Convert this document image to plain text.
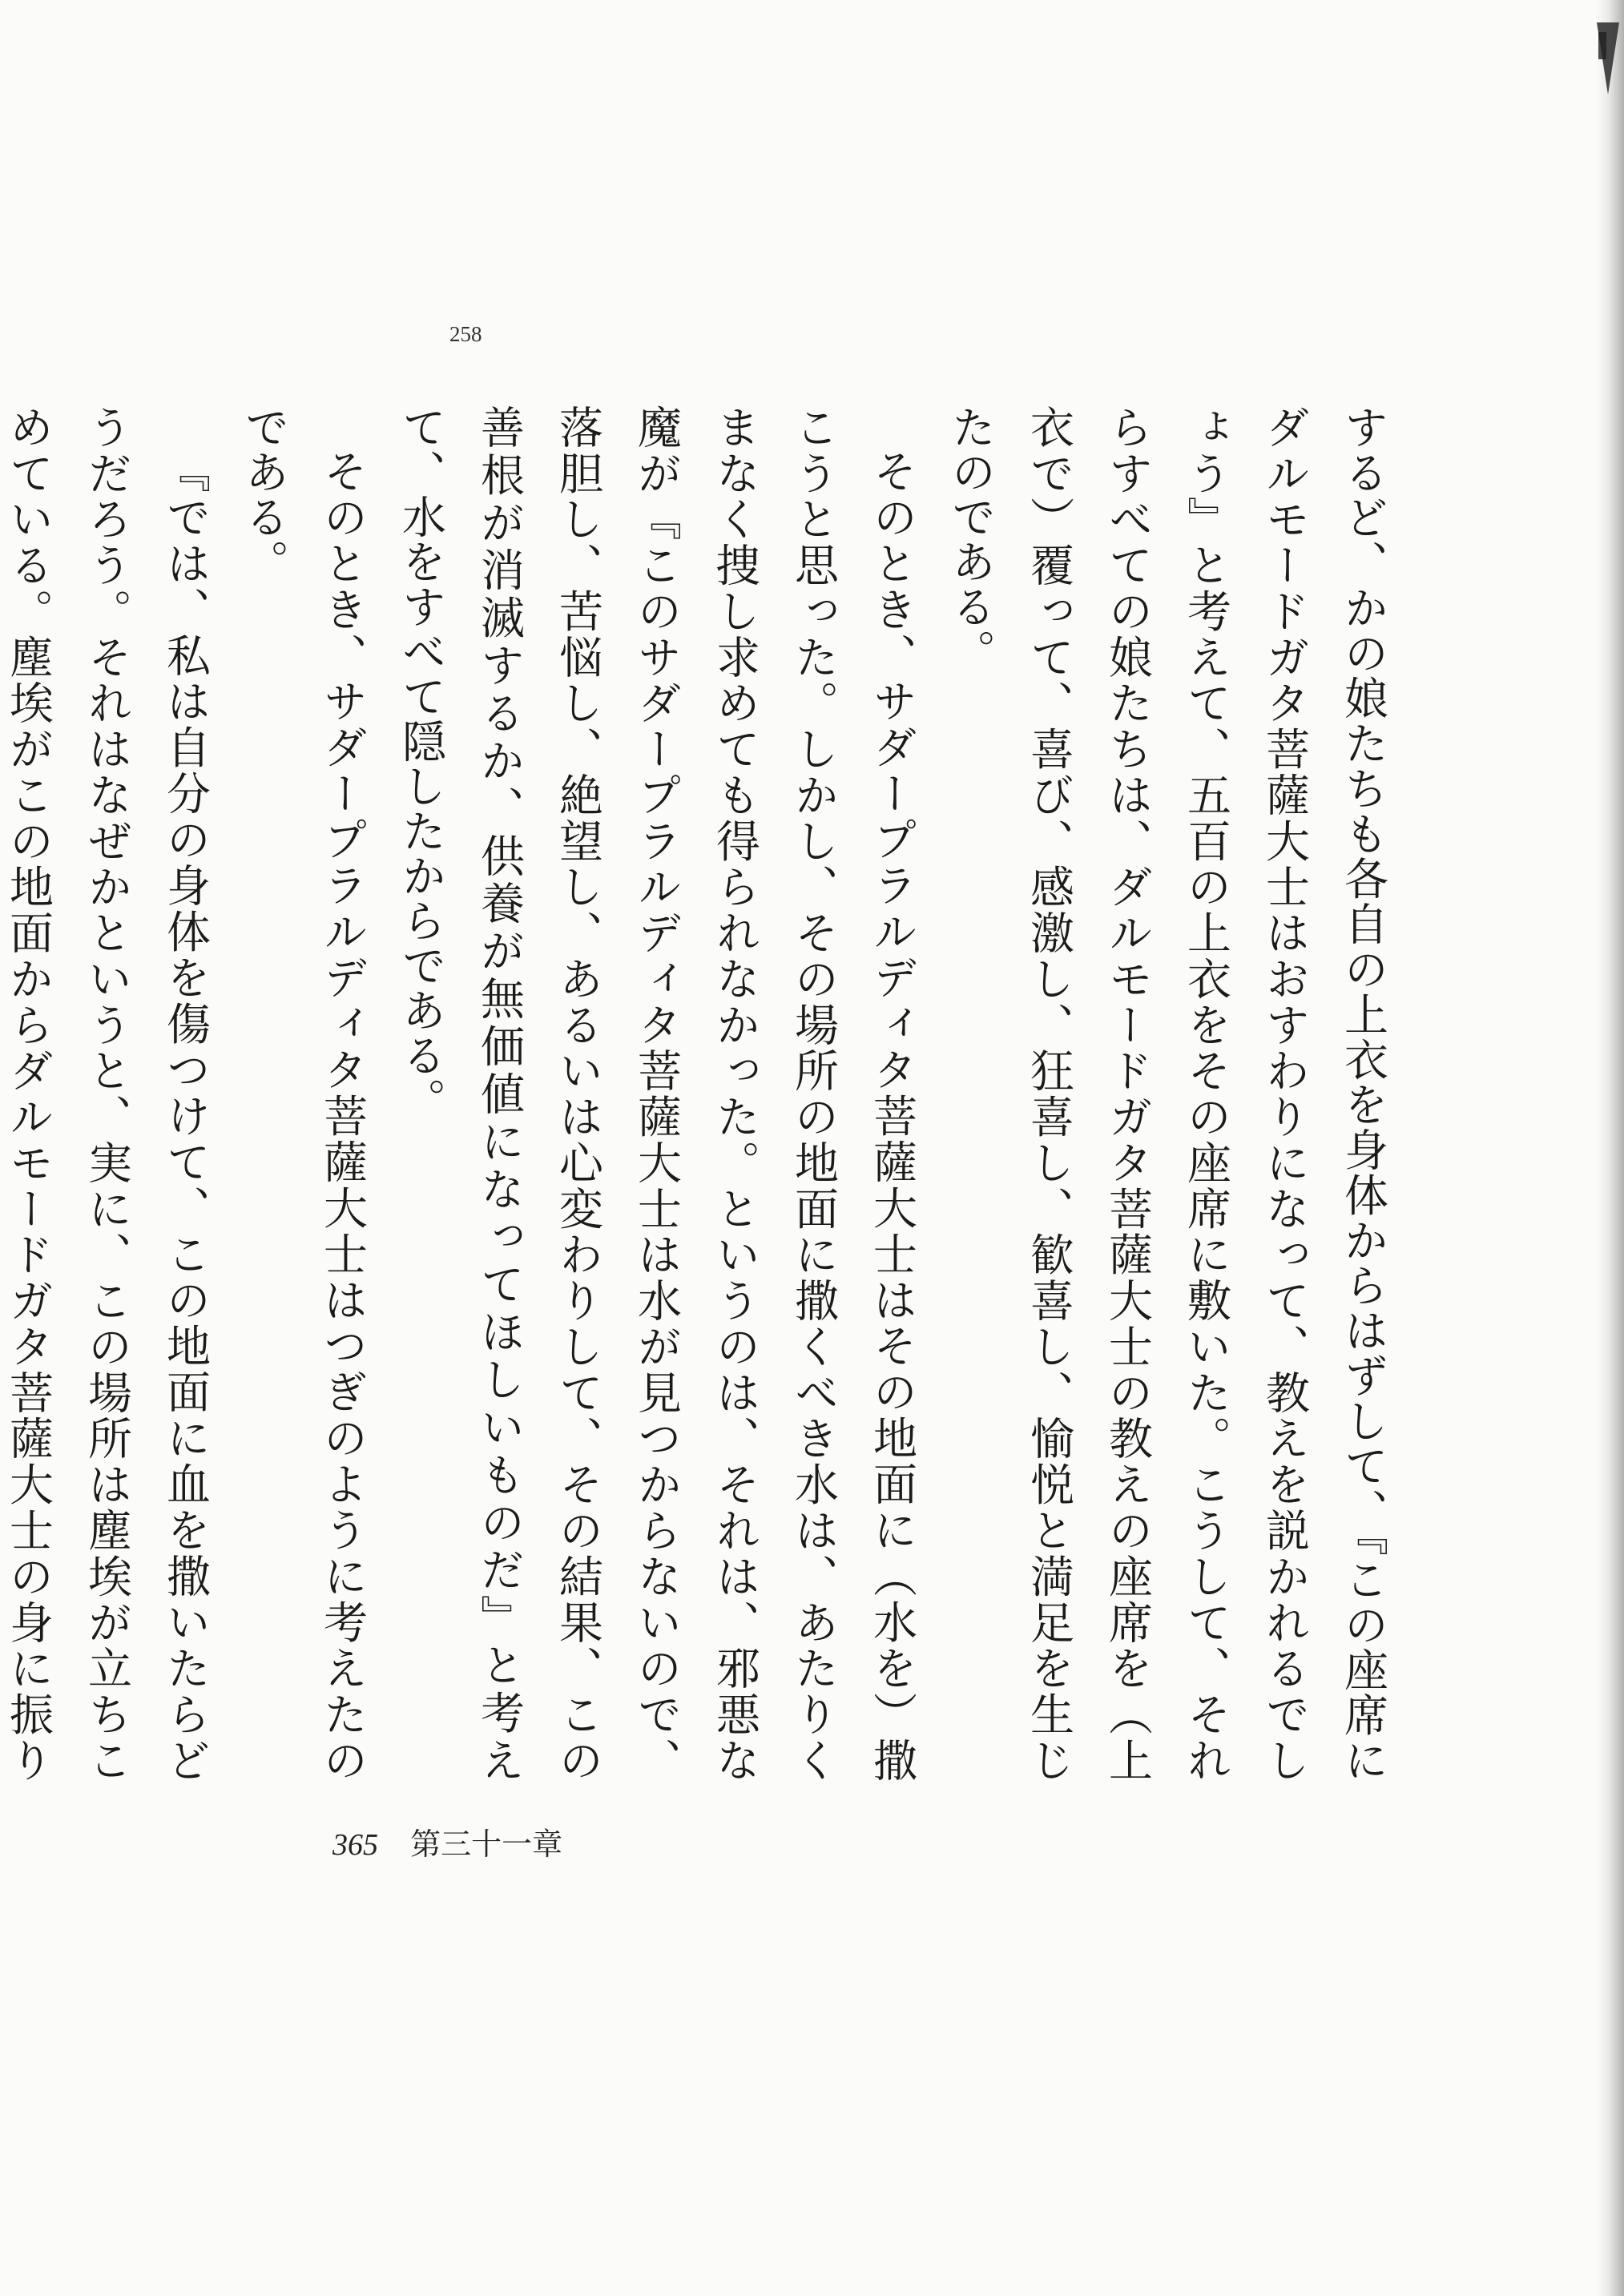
258

するど、かの娘たちも各自の上衣を身体からはずして、『この座席にダルモードガタ菩薩大士はおすわりになって、教えを説かれるでしょう』と考えて、五百の上衣をその座席に敷いた。こうして、それらすべての娘たちは、ダルモードガタ菩薩大士の教えの座席を（上衣で）覆って、喜び、感激し、狂喜し、歓喜し、愉悦と満足を生じたのである。

そのとき、サダープラルディタ菩薩大士はその地面に（水を）撒こうと思った。しかし、その場所の地面に撒くべき水は、あたりくまなく捜し求めても得られなかった。というのは、それは、邪悪な魔が『このサダープラルディタ菩薩大士は水が見つからないので、落胆し、苦悩し、絶望し、あるいは心変わりして、その結果、この善根が消滅するか、供養が無価値になってほしいものだ』と考えて、水をすべて隠したからである。

そのとき、サダープラルディタ菩薩大士はつぎのように考えたのである。

『では、私は自分の身体を傷つけて、この地面に血を撒いたらどうだろう。それはなぜかというと、実に、この場所は塵埃が立ちこめている。塵埃がこの地面からダルモードガタ菩薩大士の身に振り

365 第三十一章
